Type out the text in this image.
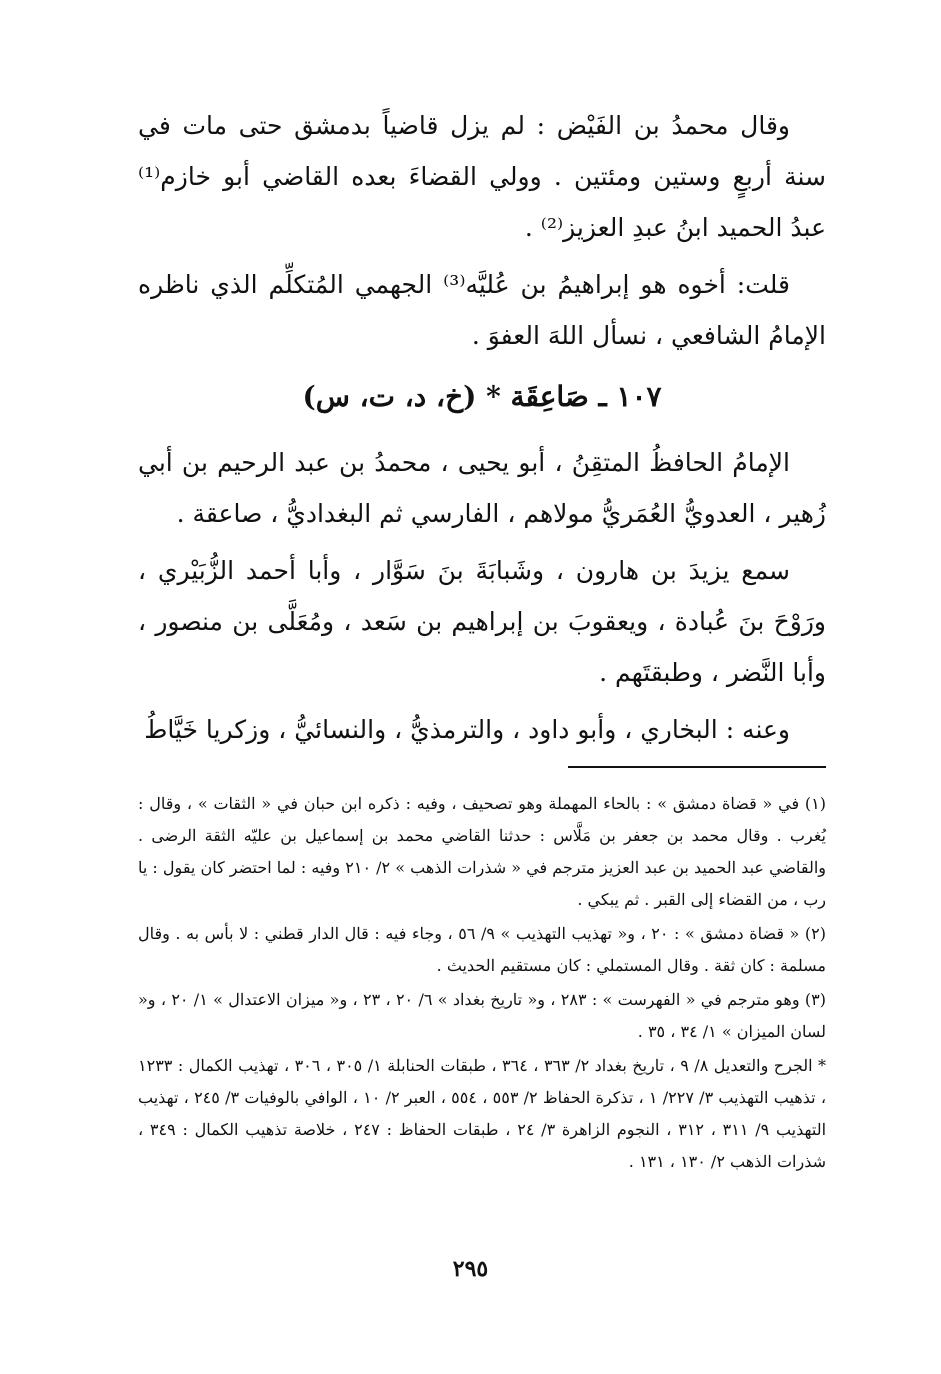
وقال محمدُ بن الفَيْض : لم يزل قاضياً بدمشق حتى مات في سنة أربعٍ وستين ومئتين . وولي القضاءَ بعده القاضي أبو خازم⁽¹⁾ عبدُ الحميد ابنُ عبدِ العزيز⁽²⁾ .

قلت: أخوه هو إبراهيمُ بن عُليَّه⁽³⁾ الجهمي المُتكلِّم الذي ناظره الإمامُ الشافعي ، نسأل اللهَ العفوَ .

١٠٧ ـ صَاعِقَة * (خ، د، ت، س)

الإمامُ الحافظُ المتقِنُ ، أبو يحيى ، محمدُ بن عبد الرحيم بن أبي زُهير ، العدويُّ العُمَريُّ مولاهم ، الفارسي ثم البغداديُّ ، صاعقة .

سمع يزيدَ بن هارون ، وشَبابَةَ بنَ سَوَّار ، وأبا أحمد الزُّبَيْري ، ورَوْحَ بنَ عُبادة ، ويعقوبَ بن إبراهيم بن سَعد ، ومُعَلَّى بن منصور ، وأبا النَّضر ، وطبقتَهم .

وعنه : البخاري ، وأبو داود ، والترمذيُّ ، والنسائيُّ ، وزكريا خَيَّاطُ

(١) في « قضاة دمشق » : بالحاء المهملة وهو تصحيف ، وفيه : ذكره ابن حبان في « الثقات » ، وقال : يُغرب . وقال محمد بن جعفر بن مَلَّاس : حدثنا القاضي محمد بن إسماعيل بن عليّه الثقة الرضى . والقاضي عبد الحميد بن عبد العزيز مترجم في « شذرات الذهب » ٢/ ٢١٠ وفيه : لما احتضر كان يقول : يا رب ، من القضاء إلى القبر . ثم يبكي .

(٢) « قضاة دمشق » : ٢٠ ، و« تهذيب التهذيب » ٩/ ٥٦ ، وجاء فيه : قال الدار قطني : لا بأس به . وقال مسلمة : كان ثقة . وقال المستملي : كان مستقيم الحديث .

(٣) وهو مترجم في « الفهرست » : ٢٨٣ ، و« تاريخ بغداد » ٦/ ٢٠ ، ٢٣ ، و« ميزان الاعتدال » ١/ ٢٠ ، و« لسان الميزان » ١/ ٣٤ ، ٣٥ .

* الجرح والتعديل ٨/ ٩ ، تاريخ بغداد ٢/ ٣٦٣ ، ٣٦٤ ، طبقات الحنابلة ١/ ٣٠٥ ، ٣٠٦ ، تهذيب الكمال : ١٢٣٣ ، تذهيب التهذيب ٣/ ٢٢٧/ ١ ، تذكرة الحفاظ ٢/ ٥٥٣ ، ٥٥٤ ، العبر ٢/ ١٠ ، الوافي بالوفيات ٣/ ٢٤٥ ، تهذيب التهذيب ٩/ ٣١١ ، ٣١٢ ، النجوم الزاهرة ٣/ ٢٤ ، طبقات الحفاظ : ٢٤٧ ، خلاصة تذهيب الكمال : ٣٤٩ ، شذرات الذهب ٢/ ١٣٠ ، ١٣١ .

٢٩٥
